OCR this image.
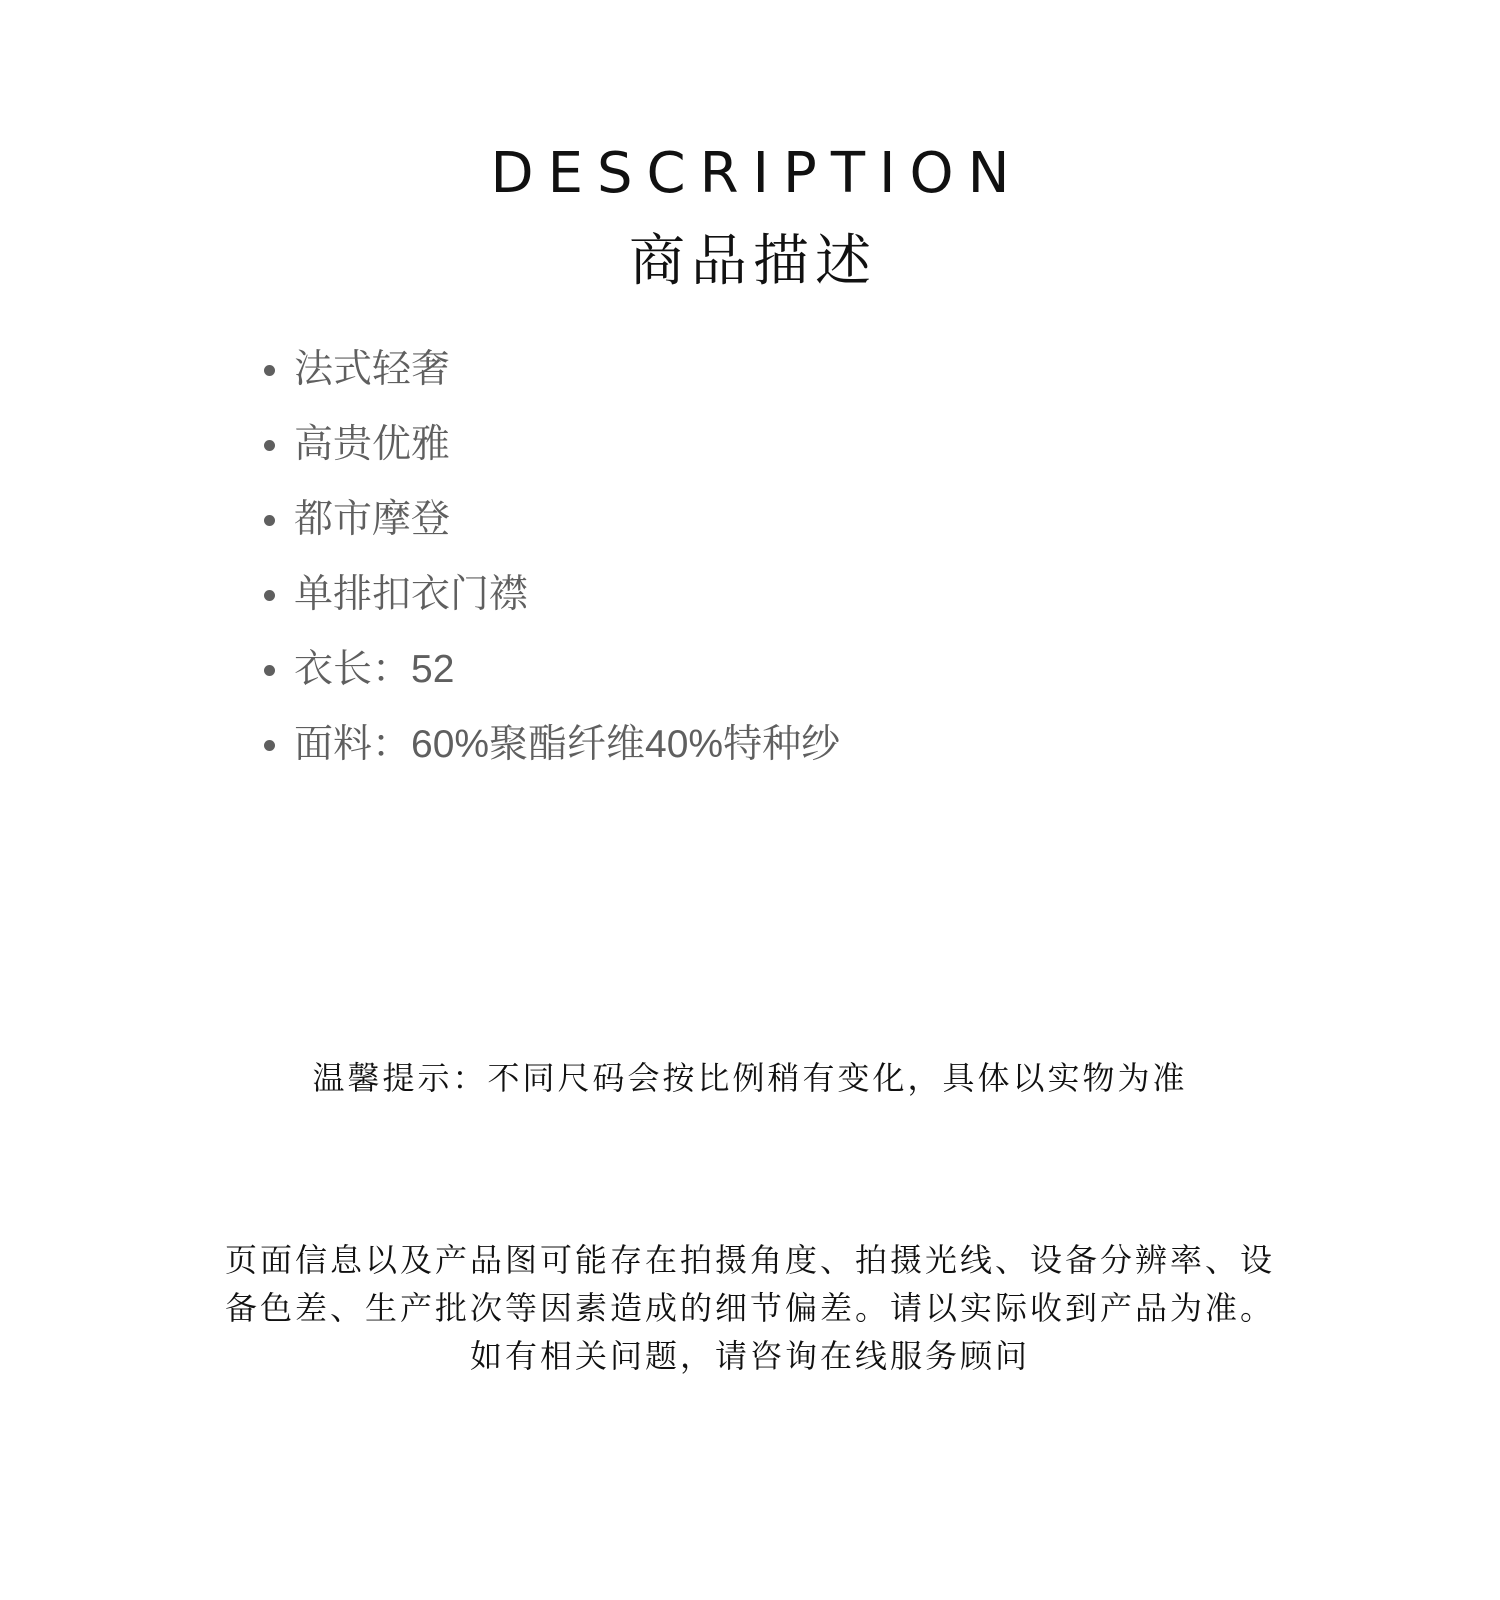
DESCRIPTION
商品描述
法式轻奢
高贵优雅
都市摩登
单排扣衣门襟
衣长：52
面料：60%聚酯纤维40%特种纱
温馨提示：不同尺码会按比例稍有变化，具体以实物为准
页面信息以及产品图可能存在拍摄角度、拍摄光线、设备分辨率、设
备色差、生产批次等因素造成的细节偏差。请以实际收到产品为准。
如有相关问题，请咨询在线服务顾问
